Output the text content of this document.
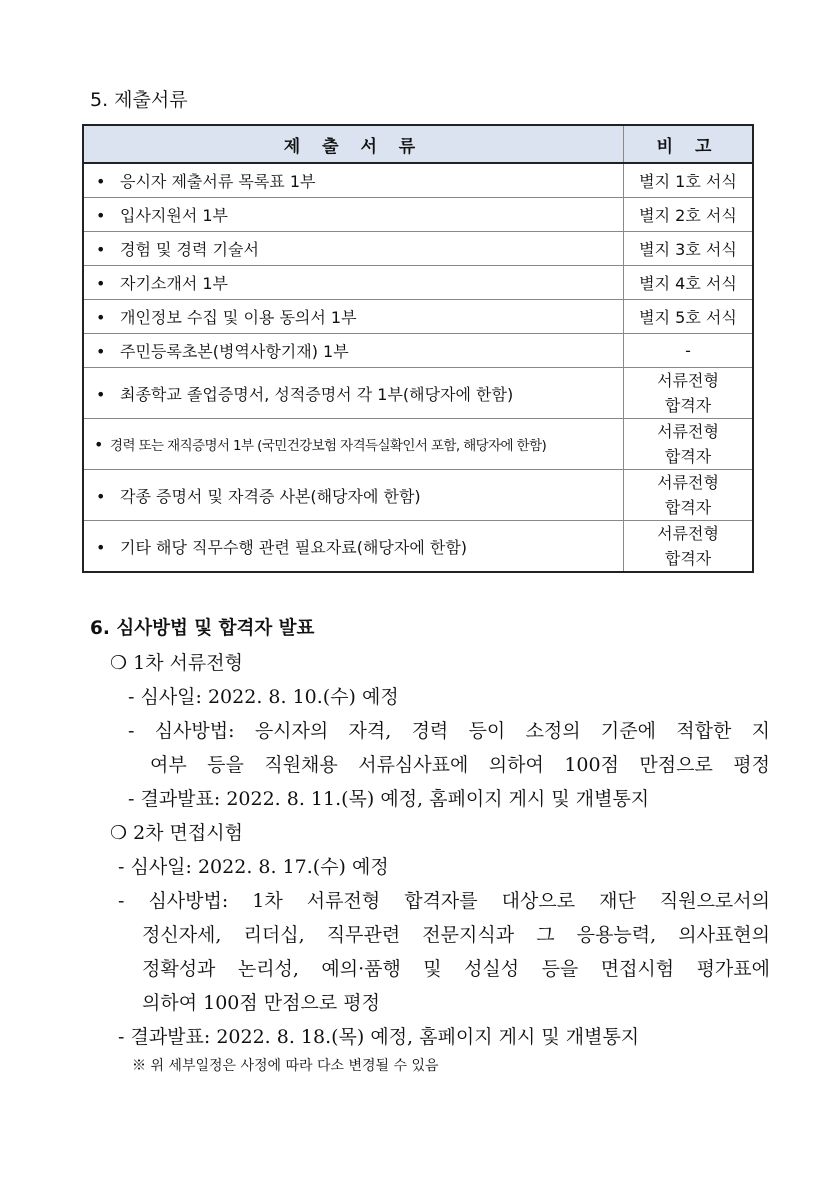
5. 제출서류
제 출 서 류	비 고
• 응시자 제출서류 목록표 1부	별지 1호 서식
• 입사지원서 1부	별지 2호 서식
• 경험 및 경력 기술서	별지 3호 서식
• 자기소개서 1부	별지 4호 서식
• 개인정보 수집 및 이용 동의서 1부	별지 5호 서식
• 주민등록초본(병역사항기재) 1부	-
• 최종학교 졸업증명서, 성적증명서 각 1부(해당자에 한함)	서류전형
합격자

• 경력 또는 재직증명서 1부 (국민건강보험 자격득실확인서 포함, 해당자에 한함)	서류전형
합격자

• 각종 증명서 및 자격증 사본(해당자에 한함)	서류전형
합격자

• 기타 해당 직무수행 관련 필요자료(해당자에 한함)	서류전형
합격자
6. 심사방법 및 합격자 발표
❍ 1차 서류전형
- 심사일: 2022. 8. 10.(수) 예정
- 심사방법: 응시자의 자격, 경력 등이 소정의 기준에 적합한 지
여부 등을 직원채용 서류심사표에 의하여 100점 만점으로 평정
- 결과발표: 2022. 8. 11.(목) 예정, 홈페이지 게시 및 개별통지
❍ 2차 면접시험
- 심사일: 2022. 8. 17.(수) 예정
- 심사방법: 1차 서류전형 합격자를 대상으로 재단 직원으로서의
정신자세, 리더십, 직무관련 전문지식과 그 응용능력, 의사표현의
정확성과 논리성, 예의·품행 및 성실성 등을 면접시험 평가표에
의하여 100점 만점으로 평정
- 결과발표: 2022. 8. 18.(목) 예정, 홈페이지 게시 및 개별통지
※ 위 세부일정은 사정에 따라 다소 변경될 수 있음
